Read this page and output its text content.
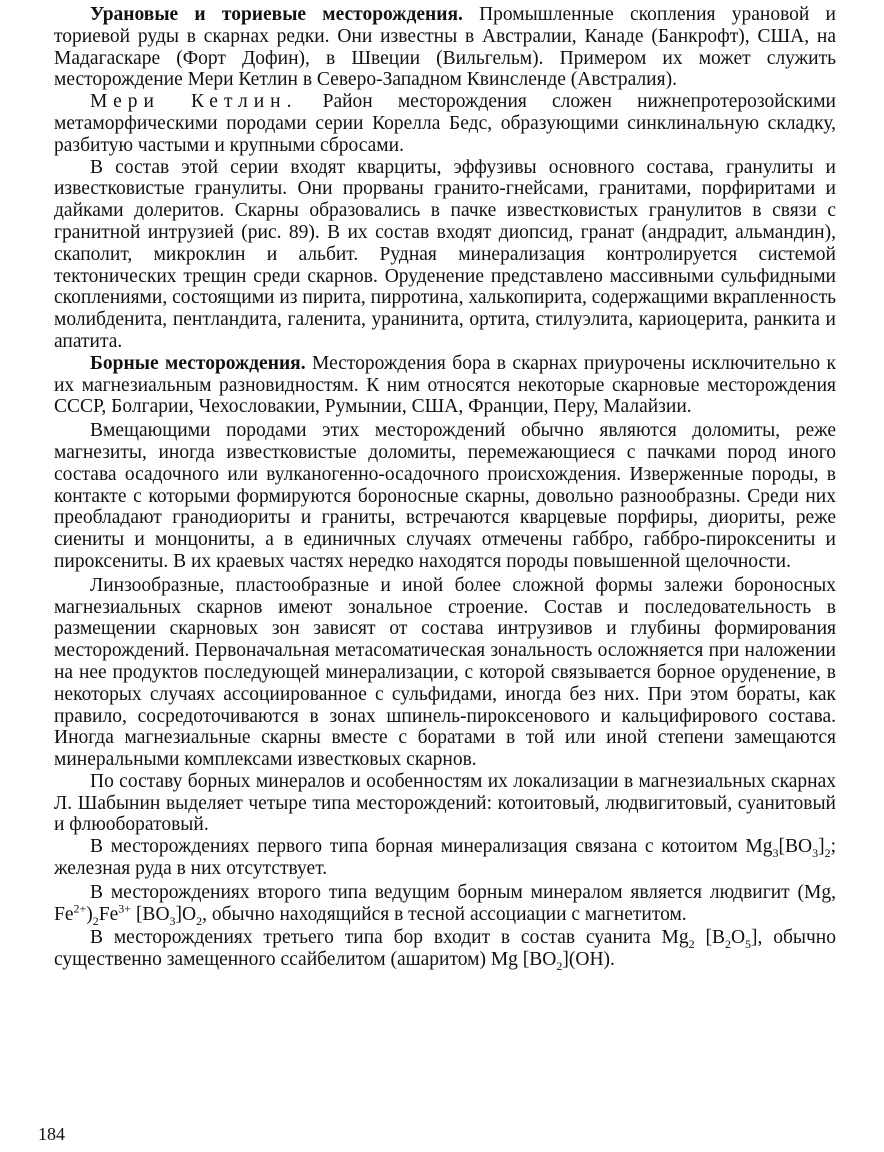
Урановые и ториевые месторождения. Промышленные скопления урановой и ториевой руды в скарнах редки. Они известны в Австралии, Канаде (Банкрофт), США, на Мадагаскаре (Форт Дофин), в Швеции (Вильгельм). Примером их может служить месторождение Мери Кетлин в Северо-Западном Квинсленде (Австралия).

Мери Кетлин. Район месторождения сложен нижнепротерозойскими метаморфическими породами серии Корелла Бедс, образующими синклинальную складку, разбитую частыми и крупными сбросами.

В состав этой серии входят кварциты, эффузивы основного состава, гранулиты и известковистые гранулиты. Они прорваны гранито-гнейсами, гранитами, порфиритами и дайками долеритов. Скарны образовались в пачке известковистых гранулитов в связи с гранитной интрузией (рис. 89). В их состав входят диопсид, гранат (андрадит, альмандин), скаполит, микроклин и альбит. Рудная минерализация контролируется системой тектонических трещин среди скарнов. Оруденение представлено массивными сульфидными скоплениями, состоящими из пирита, пирротина, халькопирита, содержащими вкрапленность молибденита, пентландита, галенита, уранинита, ортита, стилуэлита, кариоцерита, ранкита и апатита.

Борные месторождения. Месторождения бора в скарнах приурочены исключительно к их магнезиальным разновидностям. К ним относятся некоторые скарновые месторождения СССР, Болгарии, Чехословакии, Румынии, США, Франции, Перу, Малайзии.

Вмещающими породами этих месторождений обычно являются доломиты, реже магнезиты, иногда известковистые доломиты, перемежающиеся с пачками пород иного состава осадочного или вулканогенно-осадочного происхождения. Изверженные породы, в контакте с которыми формируются бороносные скарны, довольно разнообразны. Среди них преобладают гранодиориты и граниты, встречаются кварцевые порфиры, диориты, реже сиениты и монцониты, а в единичных случаях отмечены габбро, габбро-пироксениты и пироксениты. В их краевых частях нередко находятся породы повышенной щелочности.

Линзообразные, пластообразные и иной более сложной формы залежи бороносных магнезиальных скарнов имеют зональное строение. Состав и последовательность в размещении скарновых зон зависят от состава интрузивов и глубины формирования месторождений. Первоначальная метасоматическая зональность осложняется при наложении на нее продуктов последующей минерализации, с которой связывается борное оруденение, в некоторых случаях ассоциированное с сульфидами, иногда без них. При этом бораты, как правило, сосредоточиваются в зонах шпинель-пироксенового и кальцифирового состава. Иногда магнезиальные скарны вместе с боратами в той или иной степени замещаются минеральными комплексами известковых скарнов.

По составу борных минералов и особенностям их локализации в магнезиальных скарнах Л. Шабынин выделяет четыре типа месторождений: котоитовый, людвигитовый, суанитовый и флюоборатовый.

В месторождениях первого типа борная минерализация связана с котоитом $Mg_3[BO_3]_2$; железная руда в них отсутствует.

В месторождениях второго типа ведущим борным минералом является людвигит (Mg, $Fe^{2+})_2Fe^{3+}$ $[BO_3]O_2$, обычно находящийся в тесной ассоциации с магнетитом.

В месторождениях третьего типа бор входит в состав суанита $Mg_2$ $[B_2O_5]$, обычно существенно замещенного ссайбелитом (ашаритом) Mg $[BO_2](OH)$.

184
